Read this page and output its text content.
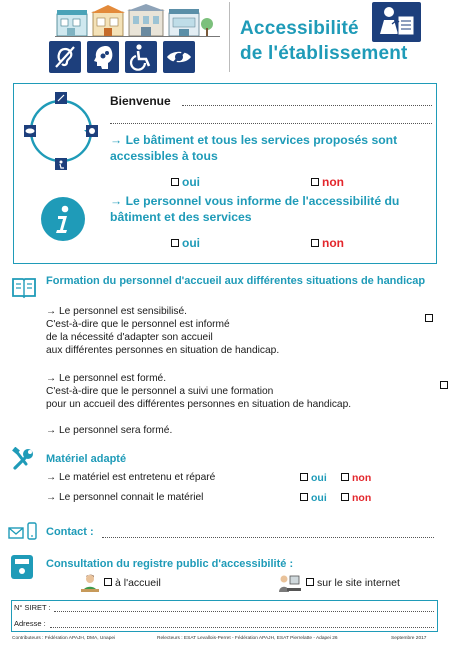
Accessibilité
de l'établissement
Bienvenue
→ Le bâtiment et tous les services proposés sont accessibles à tous
oui	non
→ Le personnel vous informe de l'accessibilité du bâtiment et des services
oui	non
Formation du personnel d'accueil aux différentes situations de handicap
→ Le personnel est sensibilisé.
C'est-à-dire que le personnel est informé
de la nécessité d'adapter son accueil
aux différentes personnes en situation de handicap.

→ Le personnel est formé.
C'est-à-dire que le personnel a suivi une formation
pour un accueil des différentes personnes en situation de handicap.

→ Le personnel sera formé.
Matériel adapté
→ Le matériel est entretenu et réparé	oui	non
→ Le personnel connait le matériel	oui	non
Contact :
Consultation du registre public d'accessibilité :
à l'accueil	sur le site internet
N° SIRET :
Adresse :
Contributeurs : Fédération APAJH, DMA, Unapei	Relecteurs : ESAT Levallois-Perret - Fédération APAJH, ESAT Pierrelatte - Adapei 26	Septembre 2017
